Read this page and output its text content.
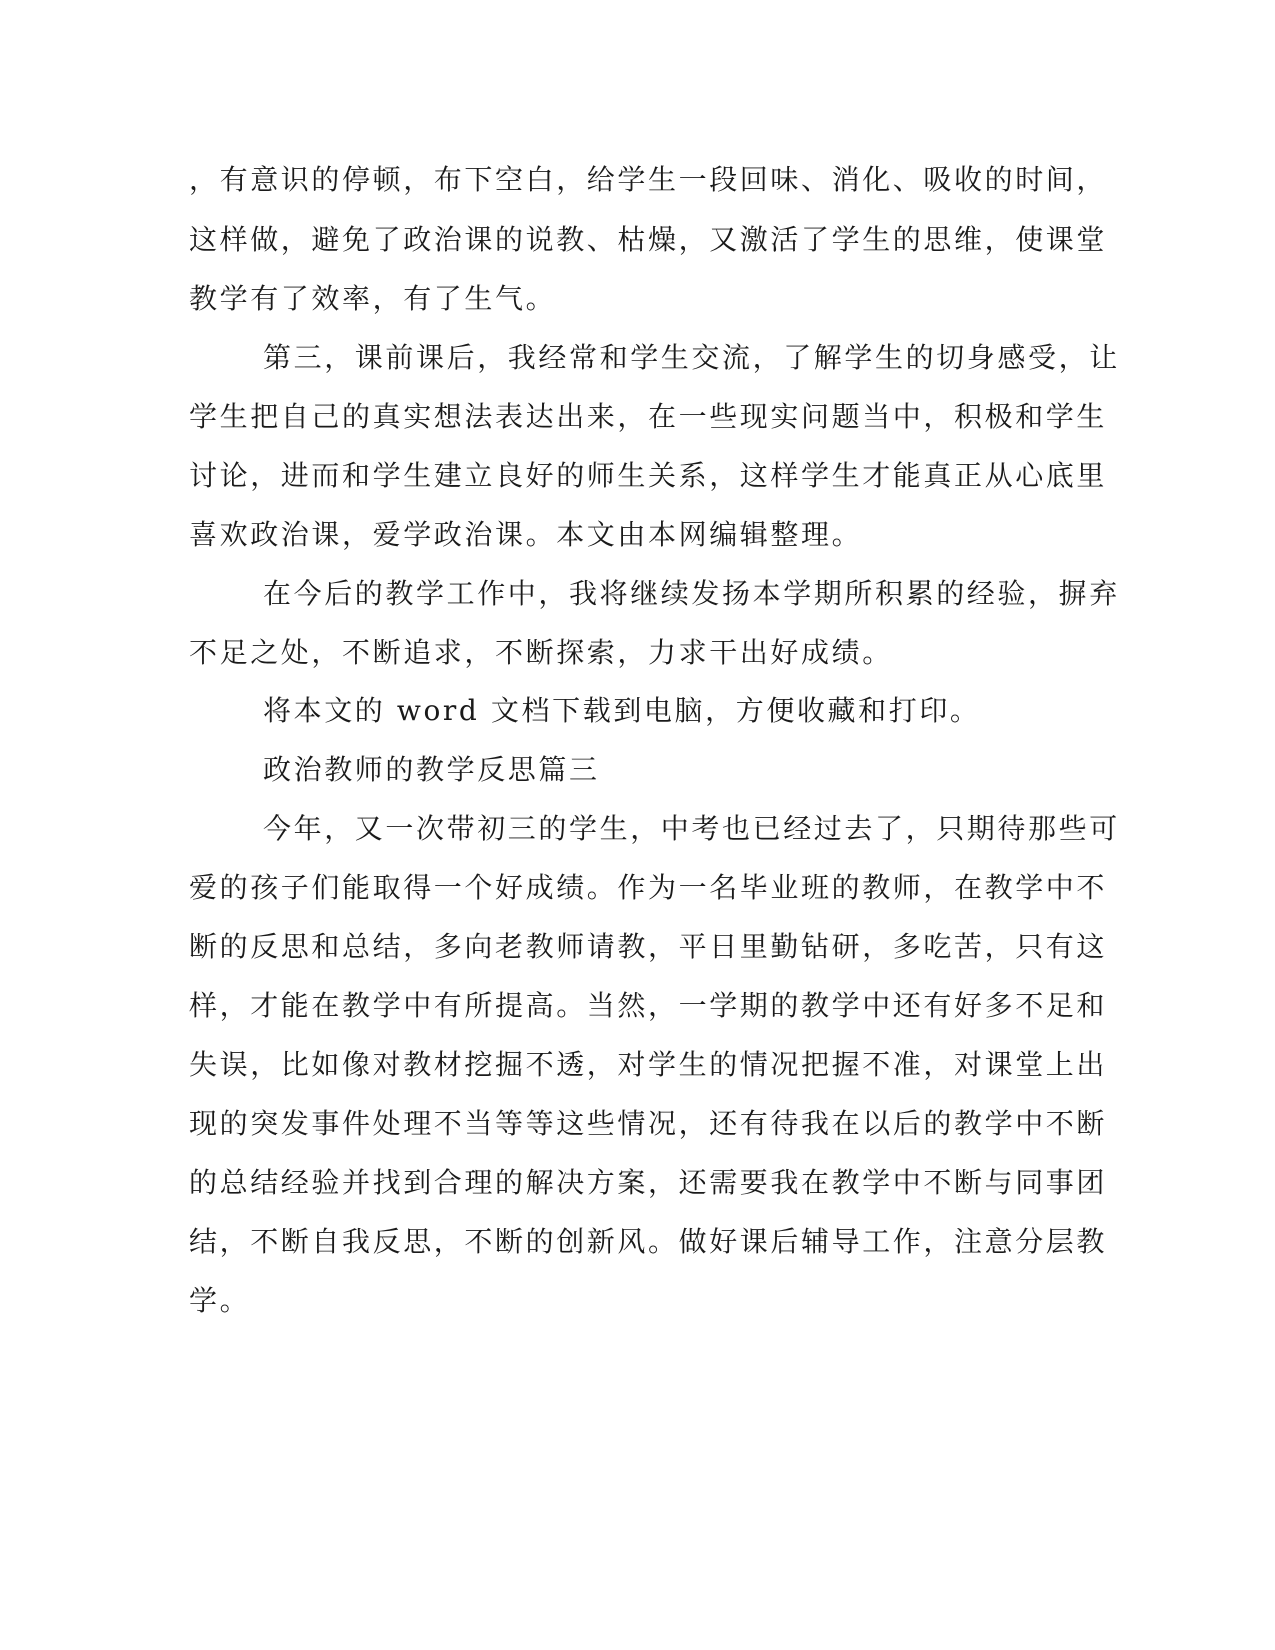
，有意识的停顿，布下空白，给学生一段回味、消化、吸收的时间，

这样做，避免了政治课的说教、枯燥，又激活了学生的思维，使课堂

教学有了效率，有了生气。

第三，课前课后，我经常和学生交流，了解学生的切身感受，让

学生把自己的真实想法表达出来，在一些现实问题当中，积极和学生

讨论，进而和学生建立良好的师生关系，这样学生才能真正从心底里

喜欢政治课，爱学政治课。本文由本网编辑整理。

在今后的教学工作中，我将继续发扬本学期所积累的经验，摒弃

不足之处，不断追求，不断探索，力求干出好成绩。

将本文的 word 文档下载到电脑，方便收藏和打印。

政治教师的教学反思篇三

今年，又一次带初三的学生，中考也已经过去了，只期待那些可

爱的孩子们能取得一个好成绩。作为一名毕业班的教师，在教学中不

断的反思和总结，多向老教师请教，平日里勤钻研，多吃苦，只有这

样，才能在教学中有所提高。当然，一学期的教学中还有好多不足和

失误，比如像对教材挖掘不透，对学生的情况把握不准，对课堂上出

现的突发事件处理不当等等这些情况，还有待我在以后的教学中不断

的总结经验并找到合理的解决方案，还需要我在教学中不断与同事团

结，不断自我反思，不断的创新风。做好课后辅导工作，注意分层教

学。
